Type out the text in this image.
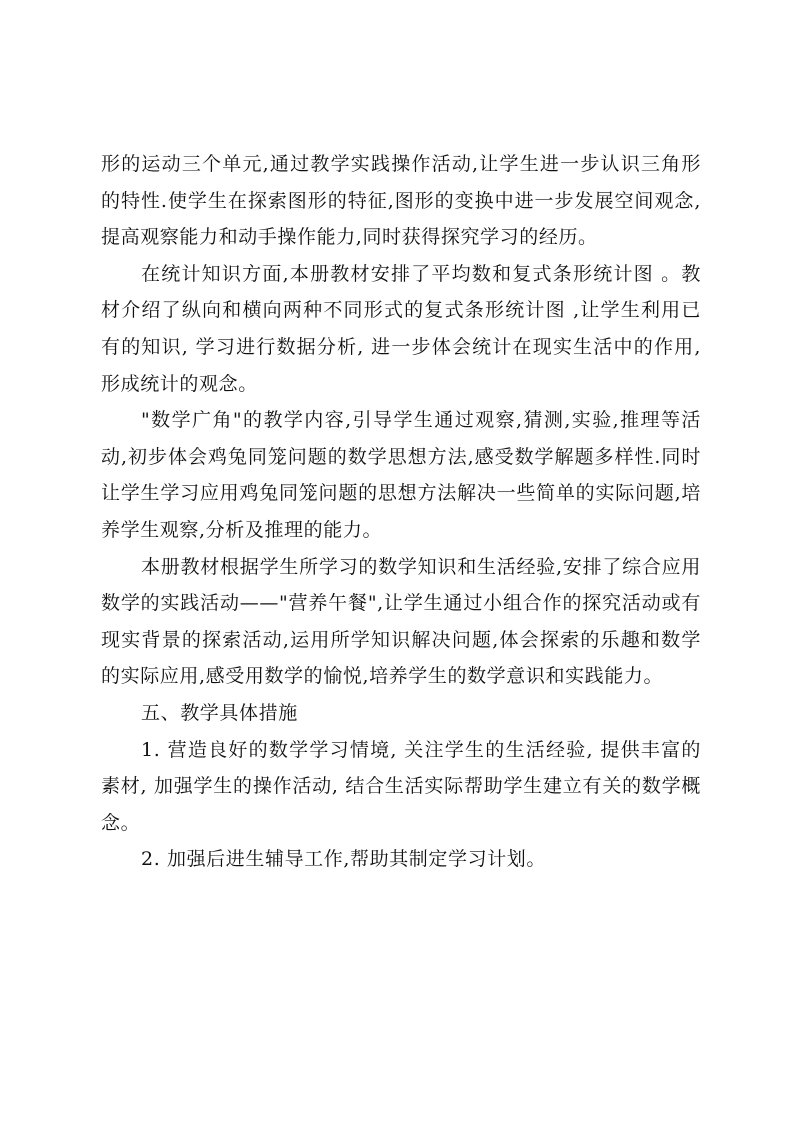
形的运动三个单元,通过教学实践操作活动,让学生进一步认识三角形的特性.使学生在探索图形的特征,图形的变换中进一步发展空间观念,提高观察能力和动手操作能力,同时获得探究学习的经历。

在统计知识方面,本册教材安排了平均数和复式条形统计图 。教材介绍了纵向和横向两种不同形式的复式条形统计图 ,让学生利用已有的知识, 学习进行数据分析, 进一步体会统计在现实生活中的作用, 形成统计的观念。

"数学广角"的教学内容,引导学生通过观察,猜测,实验,推理等活动,初步体会鸡兔同笼问题的数学思想方法,感受数学解题多样性.同时让学生学习应用鸡兔同笼问题的思想方法解决一些简单的实际问题,培养学生观察,分析及推理的能力。

本册教材根据学生所学习的数学知识和生活经验,安排了综合应用数学的实践活动——"营养午餐",让学生通过小组合作的探究活动或有现实背景的探索活动,运用所学知识解决问题,体会探索的乐趣和数学的实际应用,感受用数学的愉悦,培养学生的数学意识和实践能力。

五、教学具体措施

1. 营造良好的数学学习情境, 关注学生的生活经验, 提供丰富的素材, 加强学生的操作活动, 结合生活实际帮助学生建立有关的数学概念。

2. 加强后进生辅导工作,帮助其制定学习计划。
